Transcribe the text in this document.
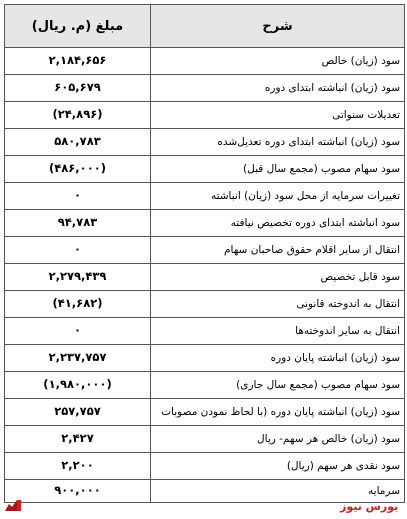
شرح	مبلغ (م. ریال)
سود (زیان) خالص	۲,۱۸۴,۶۵۶
سود (زیان) انباشته ابتدای دوره	۶۰۵,۶۷۹
تعدیلات سنواتی	(۲۴,۸۹۶)
سود (زیان) انباشته ابتدای دوره تعدیل‌شده	۵۸۰,۷۸۳
سود سهام مصوب (مجمع سال قبل)	(۴۸۶,۰۰۰)
تغییرات سرمایه از محل سود (زیان) انباشته	۰
سود انباشته ابتدای دوره تخصیص نیافته	۹۴,۷۸۳
انتقال از سایر اقلام حقوق صاحبان سهام	۰
سود قابل تخصیص	۲,۲۷۹,۴۳۹
انتقال به اندوخته قانونی	(۴۱,۶۸۲)
انتقال به سایر اندوخته‌ها	۰
سود (زیان) انباشته پایان دوره	۲,۲۳۷,۷۵۷
سود سهام مصوب (مجمع سال جاری)	(۱,۹۸۰,۰۰۰)
سود (زیان) انباشته پایان دوره (با لحاظ نمودن مصوبات	۲۵۷,۷۵۷
سود (زیان) خالص هر سهم- ریال	۲,۴۲۷
سود نقدی هر سهم (ریال)	۲,۲۰۰
سرمایه	۹۰۰,۰۰۰
بورس نیوز
